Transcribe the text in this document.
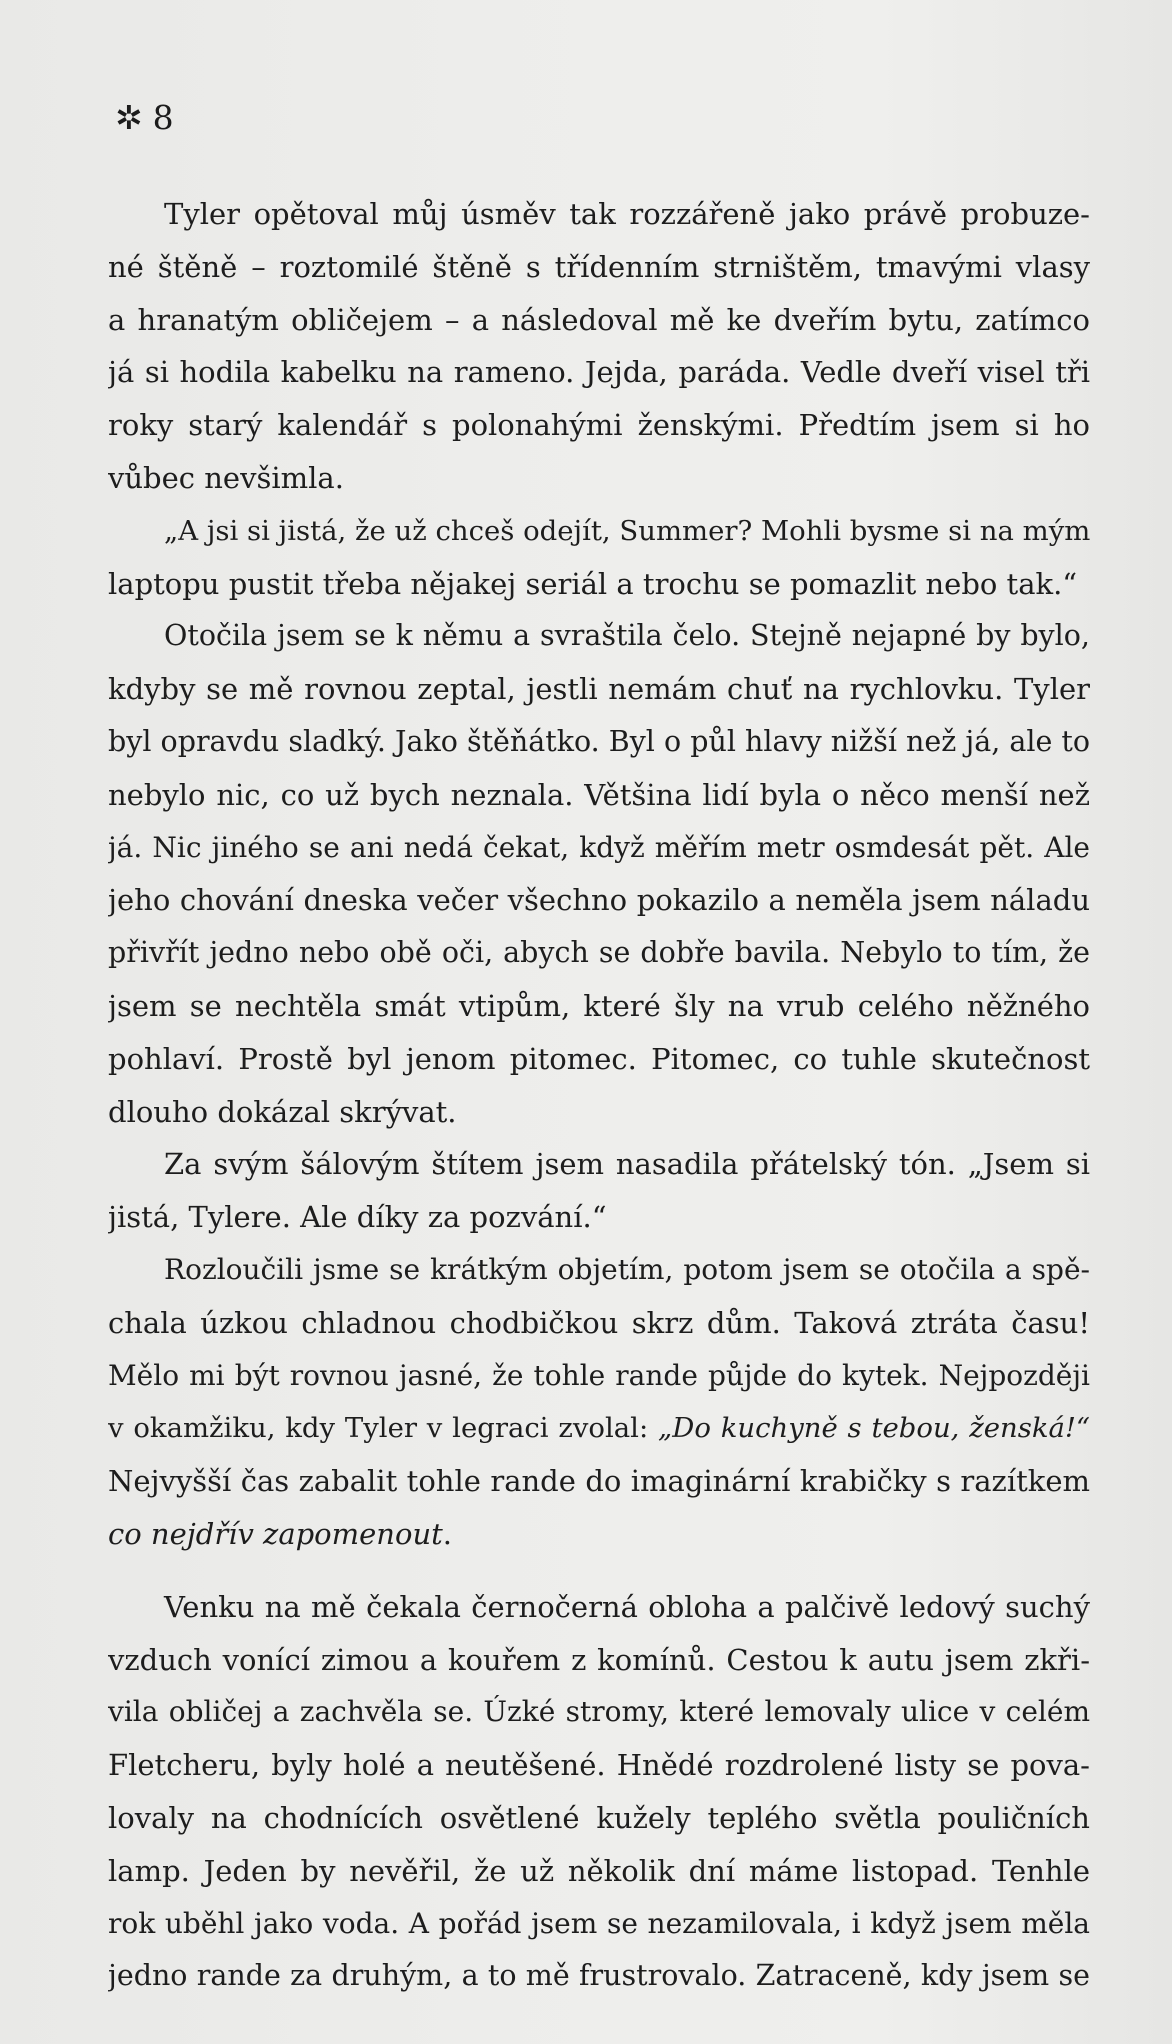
✲ 8
Tyler opětoval můj úsměv tak rozzářeně jako právě probuze-
né štěně – roztomilé štěně s třídenním strništěm, tmavými vlasy
a hranatým obličejem – a následoval mě ke dveřím bytu, zatímco
já si hodila kabelku na rameno. Jejda, paráda. Vedle dveří visel tři
roky starý kalendář s polonahými ženskými. Předtím jsem si ho
vůbec nevšimla.
„A jsi si jistá, že už chceš odejít, Summer? Mohli bysme si na mým
laptopu pustit třeba nějakej seriál a trochu se pomazlit nebo tak.“
Otočila jsem se k němu a svraštila čelo. Stejně nejapné by bylo,
kdyby se mě rovnou zeptal, jestli nemám chuť na rychlovku. Tyler
byl opravdu sladký. Jako štěňátko. Byl o půl hlavy nižší než já, ale to
nebylo nic, co už bych neznala. Většina lidí byla o něco menší než
já. Nic jiného se ani nedá čekat, když měřím metr osmdesát pět. Ale
jeho chování dneska večer všechno pokazilo a neměla jsem náladu
přivřít jedno nebo obě oči, abych se dobře bavila. Nebylo to tím, že
jsem se nechtěla smát vtipům, které šly na vrub celého něžného
pohlaví. Prostě byl jenom pitomec. Pitomec, co tuhle skutečnost
dlouho dokázal skrývat.
Za svým šálovým štítem jsem nasadila přátelský tón. „Jsem si
jistá, Tylere. Ale díky za pozvání.“
Rozloučili jsme se krátkým objetím, potom jsem se otočila a spě-
chala úzkou chladnou chodbičkou skrz dům. Taková ztráta času!
Mělo mi být rovnou jasné, že tohle rande půjde do kytek. Nejpozději
v okamžiku, kdy Tyler v legraci zvolal: „Do kuchyně s tebou, ženská!“
Nejvyšší čas zabalit tohle rande do imaginární krabičky s razítkem
co nejdřív zapomenout.
Venku na mě čekala černočerná obloha a palčivě ledový suchý
vzduch vonící zimou a kouřem z komínů. Cestou k autu jsem zkři-
vila obličej a zachvěla se. Úzké stromy, které lemovaly ulice v celém
Fletcheru, byly holé a neutěšené. Hnědé rozdrolené listy se pova-
lovaly na chodnících osvětlené kužely teplého světla pouličních
lamp. Jeden by nevěřil, že už několik dní máme listopad. Tenhle
rok uběhl jako voda. A pořád jsem se nezamilovala, i když jsem měla
jedno rande za druhým, a to mě frustrovalo. Zatraceně, kdy jsem se
